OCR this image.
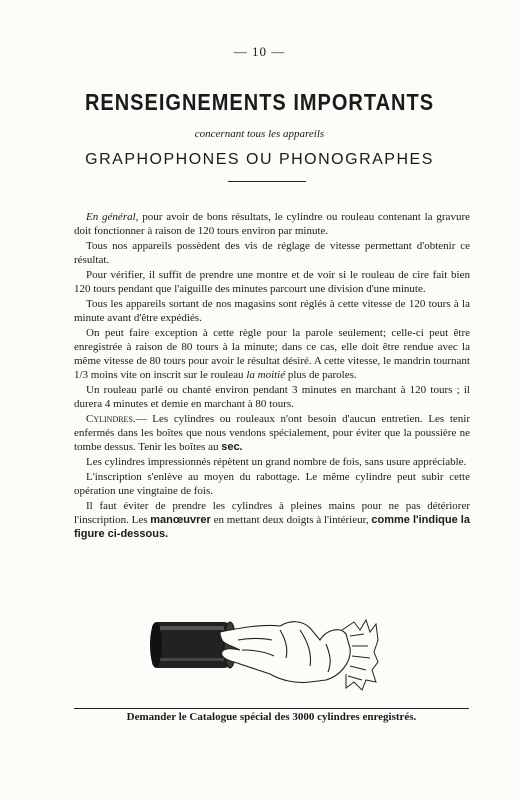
— 10 —
RENSEIGNEMENTS IMPORTANTS
concernant tous les appareils
GRAPHOPHONES OU PHONOGRAPHES

En général, pour avoir de bons résultats, le cylindre ou rouleau contenant la gravure doit fonctionner à raison de 120 tours environ par minute.

Tous nos appareils possèdent des vis de réglage de vitesse permettant d'obtenir ce résultat.

Pour vérifier, il suffit de prendre une montre et de voir si le rouleau de cire fait bien 120 tours pendant que l'aiguille des minutes parcourt une division d'une minute.

Tous les appareils sortant de nos magasins sont réglés à cette vitesse de 120 tours à la minute avant d'être expédiés.

On peut faire exception à cette règle pour la parole seulement; celle-ci peut être enregistrée à raison de 80 tours à la minute; dans ce cas, elle doit être rendue avec la même vitesse de 80 tours pour avoir le résultat désiré. A cette vitesse, le mandrin tournant 1/3 moins vite on inscrit sur le rouleau la moitié plus de paroles.

Un rouleau parlé ou chanté environ pendant 3 minutes en marchant à 120 tours ; il durera 4 minutes et demie en marchant à 80 tours.

Cylindres.— Les cylindres ou rouleaux n'ont besoin d'aucun entretien. Les tenir enfermés dans les boîtes que nous vendons spécialement, pour éviter que la poussière ne tombe dessus. Tenir les boîtes au sec.

Les cylindres impressionnés répètent un grand nombre de fois, sans usure appréciable.

L'inscription s'enlève au moyen du rabottage. Le même cylindre peut subir cette opération une vingtaine de fois.

Il faut éviter de prendre les cylindres à pleines mains pour ne pas détériorer l'inscription. Les manœuvrer en mettant deux doigts à l'intérieur, comme l'indique la figure ci-dessous.

Demander le Catalogue spécial des 3000 cylindres enregistrés.
